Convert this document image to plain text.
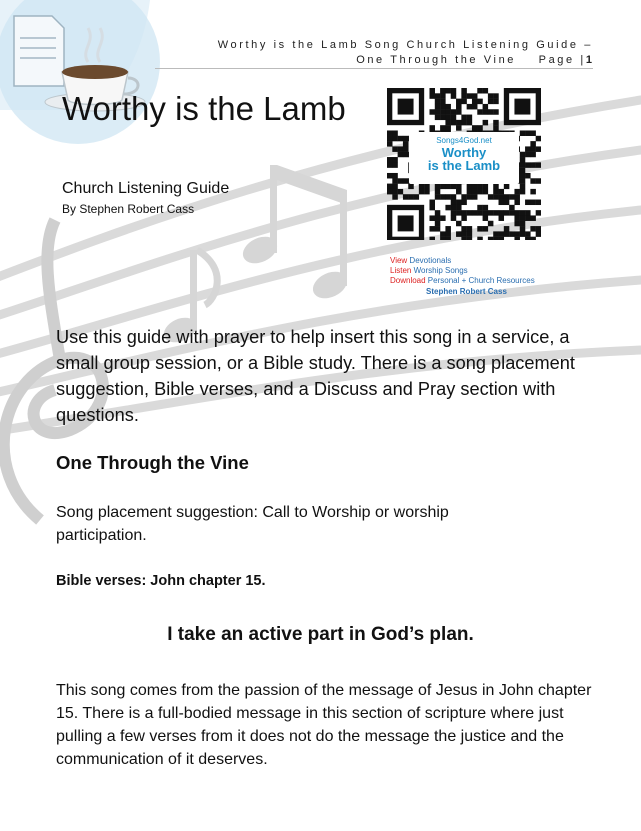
Worthy is the Lamb Song Church Listening Guide –
One Through the Vine Page |1
Worthy is the Lamb
Church Listening Guide
By Stephen Robert Cass
Songs4God.net
Worthy
is the Lamb
View Devotionals
Listen Worship Songs
Download Personal + Church Resources
Stephen Robert Cass

Use this guide with prayer to help insert this song in a service, a small group session, or a Bible study. There is a song placement suggestion, Bible verses, and a Discuss and Pray section with questions.

One Through the Vine

Song placement suggestion: Call to Worship or worship participation.

Bible verses: John chapter 15.
I take an active part in God’s plan.

This song comes from the passion of the message of Jesus in John chapter 15. There is a full-bodied message in this section of scripture where just pulling a few verses from it does not do the message the justice and the communication of it deserves.
